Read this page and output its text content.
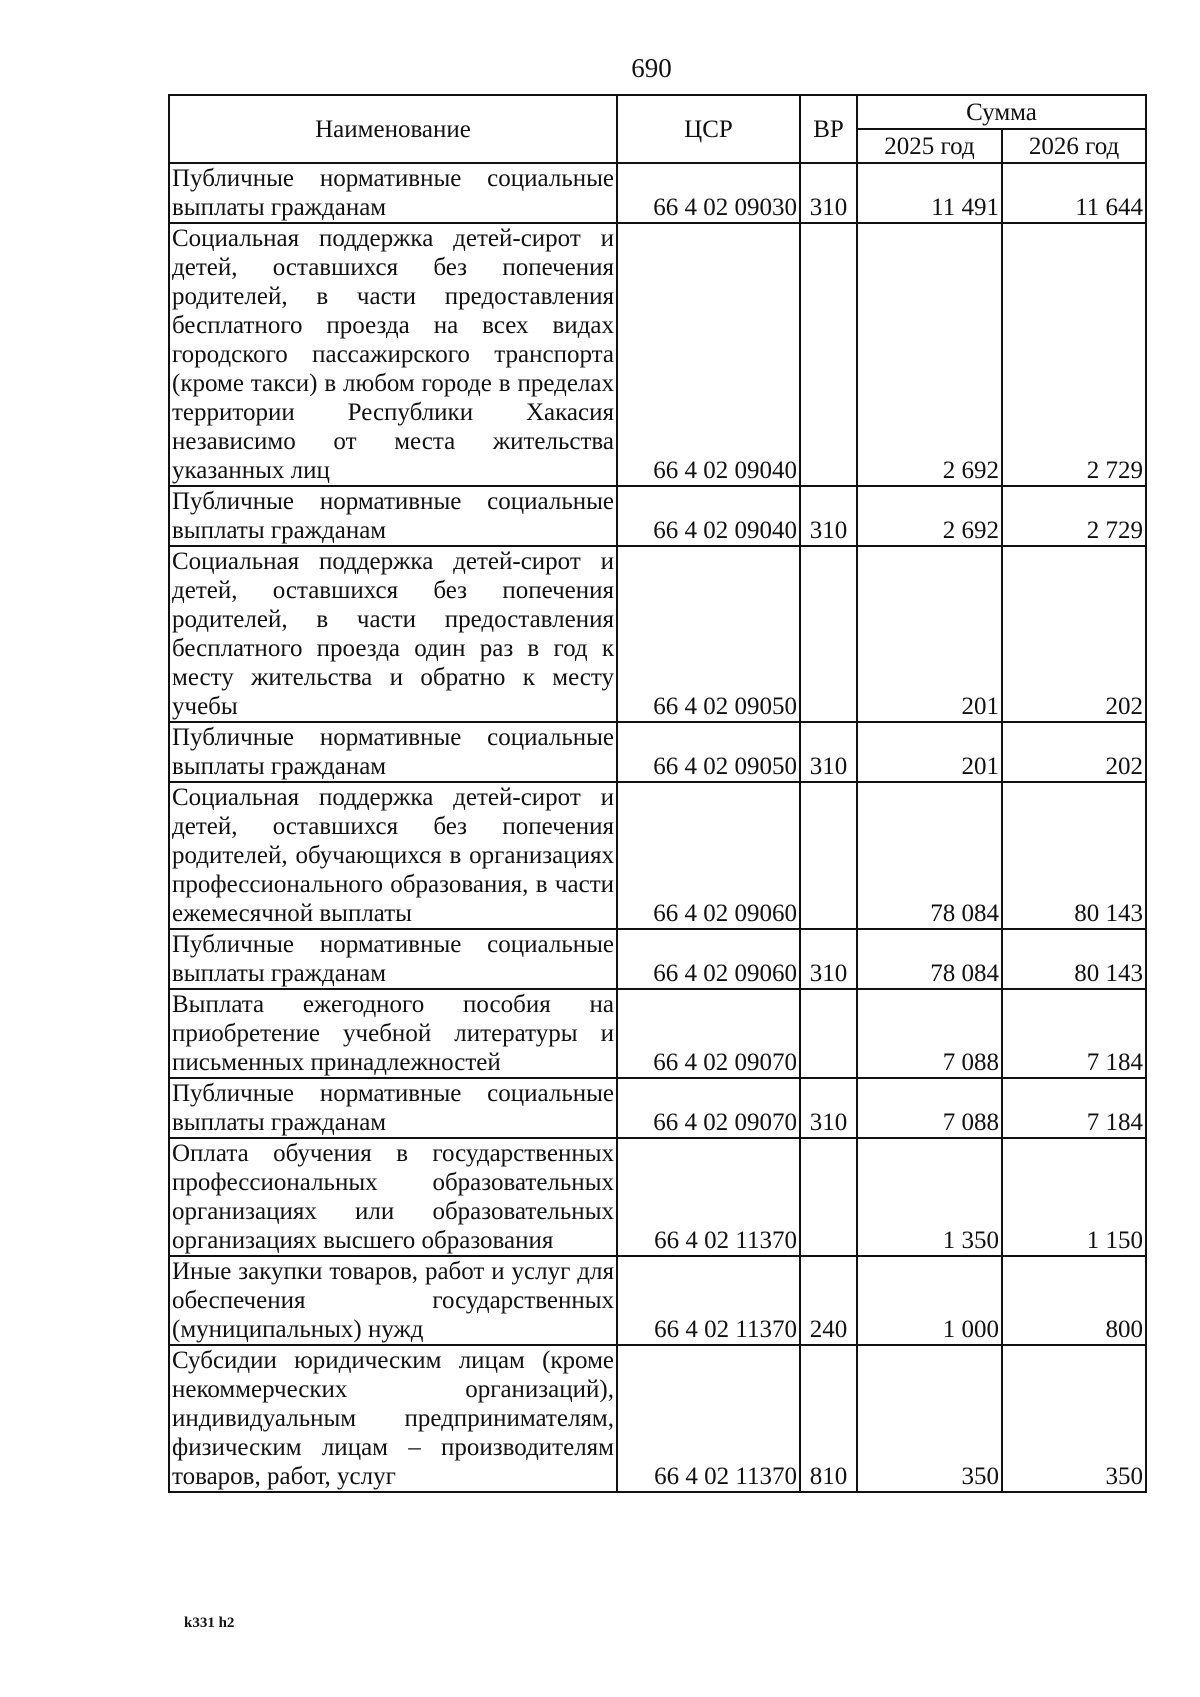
690
Наименование	ЦСР	ВР	Сумма	
			2025 год	2026 год
Публичные нормативные социальные выплаты гражданам	66 4 02 09030	310	11 491	11 644
Социальная поддержка детей-сирот и детей, оставшихся без попечения родителей, в части предоставления бесплатного проезда на всех видах городского пассажирского транспорта (кроме такси) в любом городе в пределах территории Республики Хакасия независимо от места жительства указанных лиц	66 4 02 09040		2 692	2 729
Публичные нормативные социальные выплаты гражданам	66 4 02 09040	310	2 692	2 729
Социальная поддержка детей-сирот и детей, оставшихся без попечения родителей, в части предоставления бесплатного проезда один раз в год к месту жительства и обратно к месту учебы	66 4 02 09050		201	202
Публичные нормативные социальные выплаты гражданам	66 4 02 09050	310	201	202
Социальная поддержка детей-сирот и детей, оставшихся без попечения родителей, обучающихся в организациях профессионального образования, в части ежемесячной выплаты	66 4 02 09060		78 084	80 143
Публичные нормативные социальные выплаты гражданам	66 4 02 09060	310	78 084	80 143
Выплата ежегодного пособия на приобретение учебной литературы и письменных принадлежностей	66 4 02 09070		7 088	7 184
Публичные нормативные социальные выплаты гражданам	66 4 02 09070	310	7 088	7 184
Оплата обучения в государственных профессиональных образовательных организациях или образовательных организациях высшего образования	66 4 02 11370		1 350	1 150
Иные закупки товаров, работ и услуг для обеспечения государственных (муниципальных) нужд	66 4 02 11370	240	1 000	800
Субсидии юридическим лицам (кроме некоммерческих организаций), индивидуальным предпринимателям, физическим лицам – производителям товаров, работ, услуг	66 4 02 11370	810	350	350
k331 h2
